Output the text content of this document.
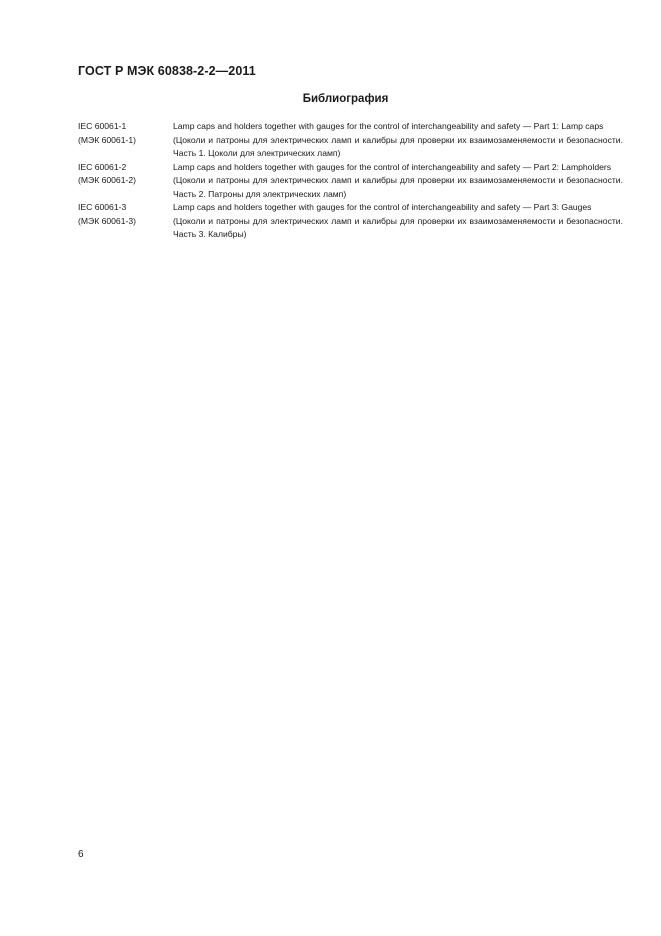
ГОСТ Р МЭК 60838-2-2—2011
Библиография
IEC 60061-1	Lamp caps and holders together with gauges for the control of interchangeability and safety — Part 1: Lamp caps
(МЭК 60061-1)	(Цоколи и патроны для электрических ламп и калибры для проверки их взаимозаменяемости и безопасности. Часть 1. Цоколи для электрических ламп)
IEC 60061-2	Lamp caps and holders together with gauges for the control of interchangeability and safety — Part 2: Lampholders
(МЭК 60061-2)	(Цоколи и патроны для электрических ламп и калибры для проверки их взаимозаменяемости и безопасности. Часть 2. Патроны для электрических ламп)
IEC 60061-3	Lamp caps and holders together with gauges for the control of interchangeability and safety — Part 3: Gauges
(МЭК 60061-3)	(Цоколи и патроны для электрических ламп и калибры для проверки их взаимозаменяемости и безопасности. Часть 3. Калибры)
6
